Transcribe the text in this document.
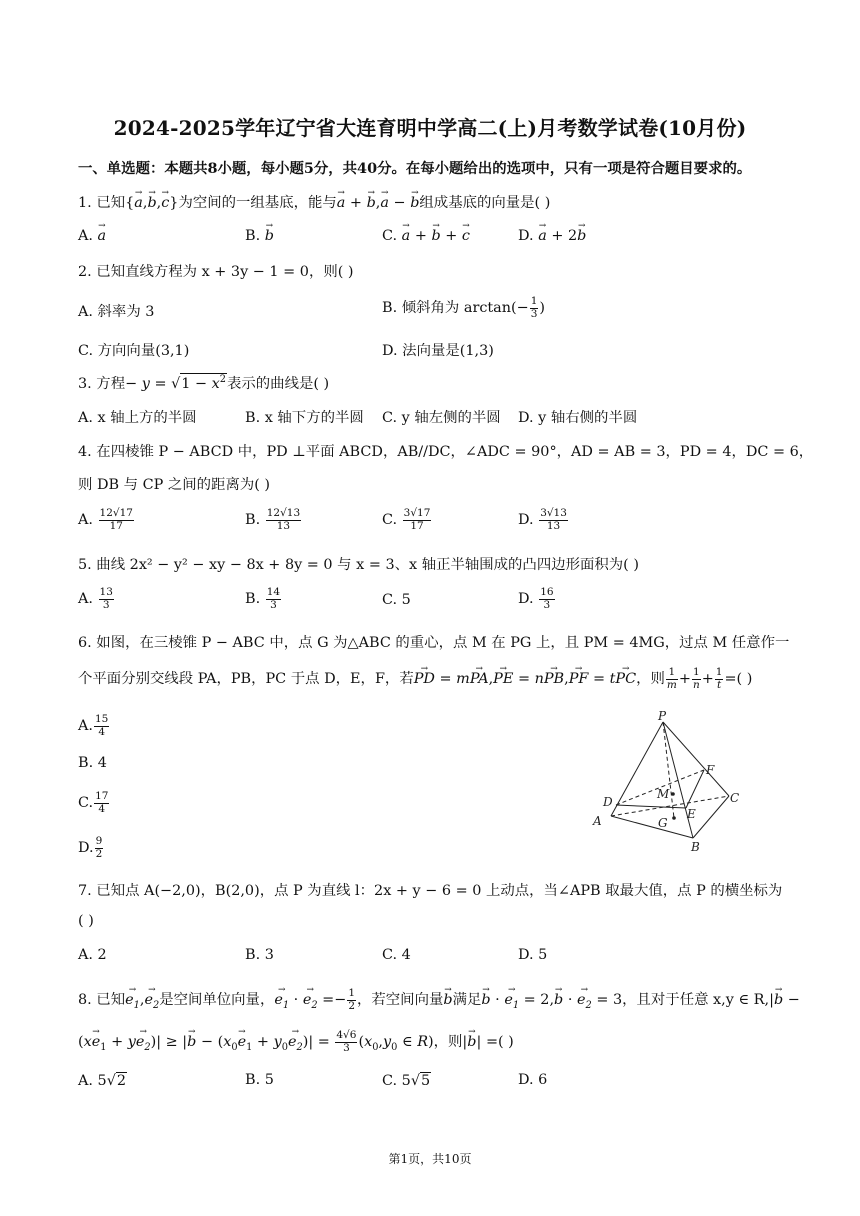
2024-2025学年辽宁省大连育明中学高二(上)月考数学试卷(10月份)
一、单选题：本题共8小题，每小题5分，共40分。在每小题给出的选项中，只有一项是符合题目要求的。
1. 已知{→ a,→ b,→ c}为空间的一组基底，能与→ a + → b,→ a − → b组成基底的向量是( )
A. → a	B. → b	C. → a + → b + → c	D. → a + 2→ b
2. 已知直线方程为 x + 3y − 1 = 0，则( )
A. 斜率为 3	B. 倾斜角为 $\arctan(- \frac{1}{3}$ )
C. 方向向量(3,1)	D. 法向量是(1,3)
3. 方程− $y = √1 - x^2$表示的曲线是( )
A. x 轴上方的半圆	B. x 轴下方的半圆 C. y 轴左侧的半圆 D. y 轴右侧的半圆
4. 在四棱锥 P − ABCD 中，PD ⊥平面 ABCD，AB//DC，∠ADC = 90°，AD = AB = 3，PD = 4，DC = 6，
则 DB 与 CP 之间的距离为( )
A. $\frac{12√17}{17}$	B. $\frac{12√13}{13}$	C. $\frac{3√17}{17}$	D. $\frac{3√13}{13}$
5. 曲线 2x² − y² − xy − 8x + 8y = 0 与 x = 3、x 轴正半轴围成的凸四边形面积为( )
A. $\frac{13}{3}$	B. $\frac{14}{3}$	C. 5	D. $\frac{16}{3}$
6. 如图，在三棱锥 P − ABC 中，点 G 为△ABC 的重心，点 M 在 PG 上，且 PM = 4MG，过点 M 任意作一
个平面分别交线段 PA，PB，PC 于点 D，E，F，若→ PD = m→ PA,→ PE = n→ PB,→ PF = t→ PC，则 $\frac{1}{m} + \frac{1}{n} + \frac{1}{t}$ =( )
A. $\frac{15}{4}$
B. 4
C. $\frac{17}{4}$
D. $\frac{9}{2}$
P
F
M
D	C
A	G
E
B
7. 已知点 A(−2,0)，B(2,0)，点 P 为直线 l：2x + y − 6 = 0 上动点，当∠APB 取最大值，点 P 的横坐标为
( )
A. 2	B. 3	C. 4	D. 5
8. 已知→ $e_1,\to e_2$是空间单位向量，→ $e_1$ · → $e_2 =- \frac{1}{2}$ ，若空间向量→ b满足→ b · → $e_1 = 2,\to b$ · → $e_2 = 3$，且对于任意 x,y ∈ R,|→ b −
$(x\to e_1 + y\to e_2)|$ ≥ |→ $b - (x_0\to e_1 + y_0\to e_2)| = \frac{4√6}{3} (x_0,y_0$ ∈ R)，则|→ b| =( )
A. 5√2	B. 5	C. 5√5	D. 6
第1页，共10页
